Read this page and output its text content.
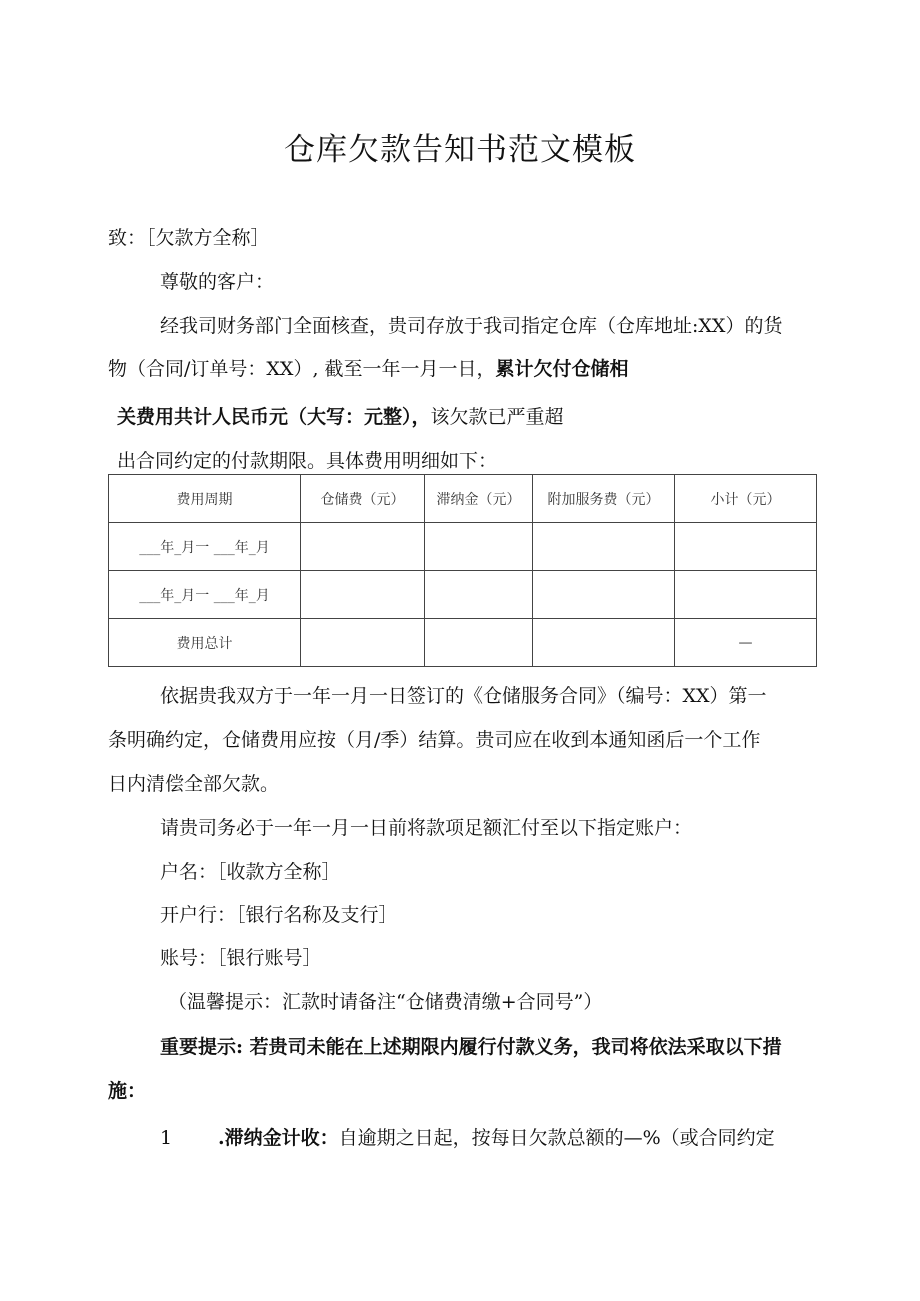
仓库欠款告知书范文模板
致：［欠款方全称］
尊敬的客户：
经我司财务部门全面核查，贵司存放于我司指定仓库（仓库地址:XX）的货
物（合同/订单号：XX）, 截至一年一月一日，累计欠付仓储相
关费用共计人民币元（大写：元整），该欠款已严重超
出合同约定的付款期限。具体费用明细如下：
费用周期	仓储费（元）	滞纳金（元）	附加服务费（元）	小计（元）
___年_月一 ___年_月				
___年_月一 ___年_月				
费用总计				—
依据贵我双方于一年一月一日签订的《仓储服务合同》（编号：XX）第一
条明确约定，仓储费用应按（月/季）结算。贵司应在收到本通知函后一个工作
日内清偿全部欠款。
请贵司务必于一年一月一日前将款项足额汇付至以下指定账户：
户名：［收款方全称］
开户行：［银行名称及支行］
账号：［银行账号］
（温馨提示：汇款时请备注“仓储费清缴+合同号”）
重要提示: 若贵司未能在上述期限内履行付款义务，我司将依法采取以下措
施：
1 .滞纳金计收：自逾期之日起，按每日欠款总额的—%（或合同约定
